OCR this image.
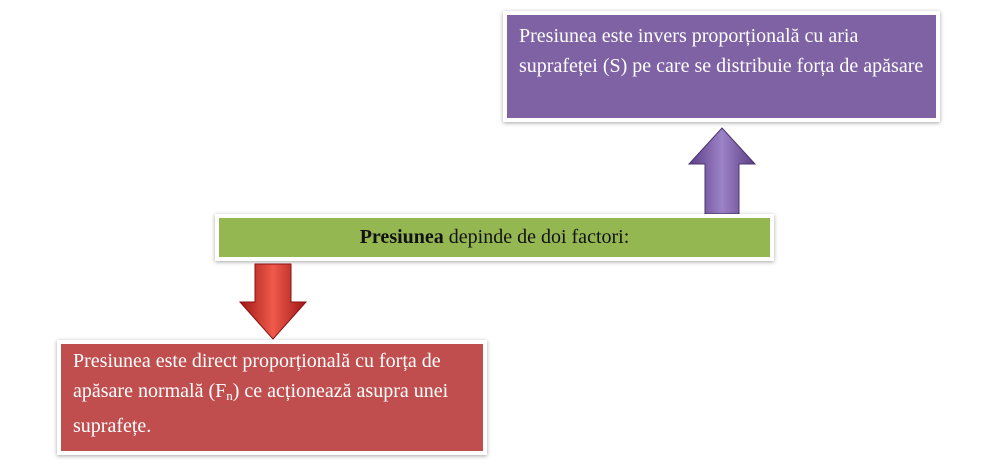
Presiunea este invers proporțională cu aria suprafeței (S) pe care se distribuie forța de apăsare
Presiunea depinde de doi factori:
Presiunea este direct proporțională cu forța de apăsare normală $(F_n)$ ce acționează asupra unei suprafețe.
